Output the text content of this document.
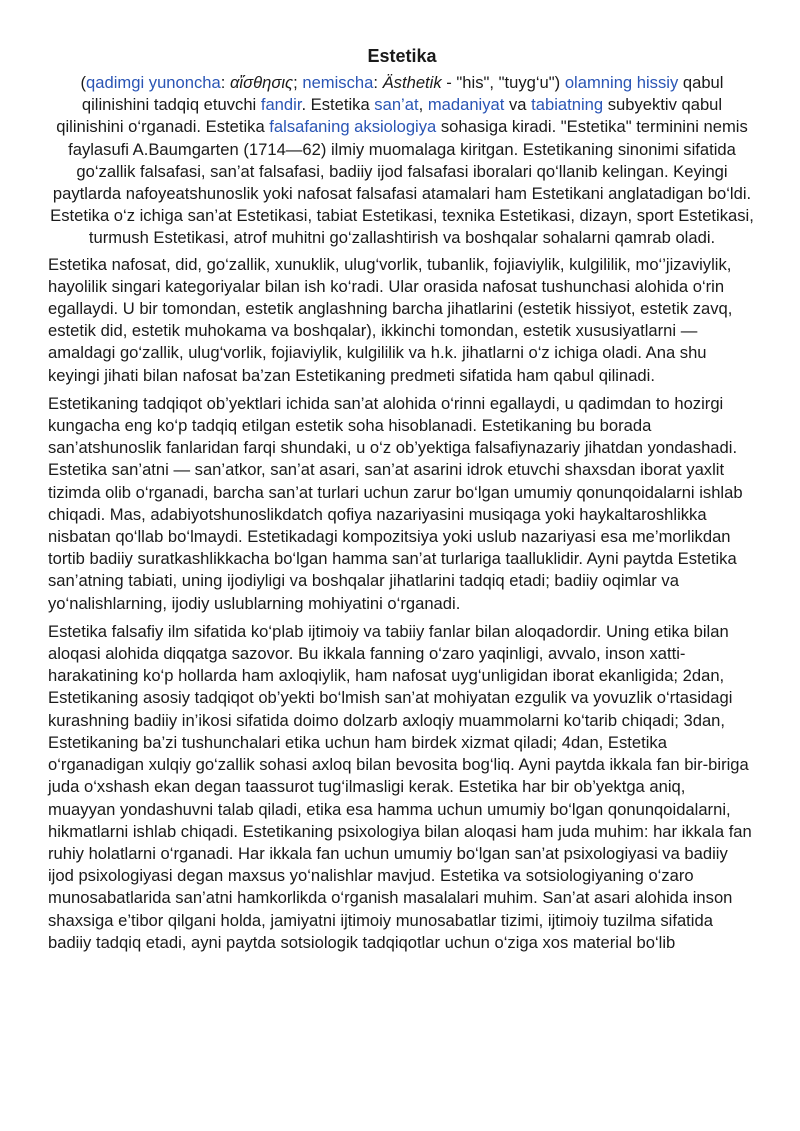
Estetika

(qadimgi yunoncha: αἴσθησις; nemischa: Ästhetik - "his", "tuyg‘u") olamning hissiy qabul qilinishini tadqiq etuvchi fandir. Estetika san’at, madaniyat va tabiatning subyektiv qabul qilinishini o‘rganadi. Estetika falsafaning aksiologiya sohasiga kiradi. "Estetika" terminini nemis faylasufi A.Baumgarten (1714—62) ilmiy muomalaga kiritgan. Estetikaning sinonimi sifatida go‘zallik falsafasi, san’at falsafasi, badiiy ijod falsafasi iboralari qo‘llanib kelingan. Keyingi paytlarda nafoyeatshunoslik yoki nafosat falsafasi atamalari ham Estetikani anglatadigan bo‘ldi. Estetika o‘z ichiga san’at Estetikasi, tabiat Estetikasi, texnika Estetikasi, dizayn, sport Estetikasi, turmush Estetikasi, atrof muhitni go‘zallashtirish va boshqalar sohalarni qamrab oladi.

Estetika nafosat, did, go‘zallik, xunuklik, ulug‘vorlik, tubanlik, fojiaviylik, kulgililik, mo‘’jizaviylik, hayolilik singari kategoriyalar bilan ish ko‘radi. Ular orasida nafosat tushunchasi alohida o‘rin egallaydi. U bir tomondan, estetik anglashning barcha jihatlarini (estetik hissiyot, estetik zavq, estetik did, estetik muhokama va boshqalar), ikkinchi tomondan, estetik xususiyatlarni — amaldagi go‘zallik, ulug‘vorlik, fojiaviylik, kulgililik va h.k. jihatlarni o‘z ichiga oladi. Ana shu keyingi jihati bilan nafosat ba’zan Estetikaning predmeti sifatida ham qabul qilinadi.

Estetikaning tadqiqot ob’yektlari ichida san’at alohida o‘rinni egallaydi, u qadimdan to hozirgi kungacha eng ko‘p tadqiq etilgan estetik soha hisoblanadi. Estetikaning bu borada san’atshunoslik fanlaridan farqi shundaki, u o‘z ob’yektiga falsafiynazariy jihatdan yondashadi. Estetika san’atni — san’atkor, san’at asari, san’at asarini idrok etuvchi shaxsdan iborat yaxlit tizimda olib o‘rganadi, barcha san’at turlari uchun zarur bo‘lgan umumiy qonunqoidalarni ishlab chiqadi. Mas, adabiyotshunoslikdatch qofiya nazariyasini musiqaga yoki haykaltaroshlikka nisbatan qo‘llab bo‘lmaydi. Estetikadagi kompozitsiya yoki uslub nazariyasi esa me’morlikdan tortib badiiy suratkashlikkacha bo‘lgan hamma san’at turlariga taalluklidir. Ayni paytda Estetika san’atning tabiati, uning ijodiyligi va boshqalar jihatlarini tadqiq etadi; badiiy oqimlar va yo‘nalishlarning, ijodiy uslublarning mohiyatini o‘rganadi.

Estetika falsafiy ilm sifatida ko‘plab ijtimoiy va tabiiy fanlar bilan aloqadordir. Uning etika bilan aloqasi alohida diqqatga sazovor. Bu ikkala fanning o‘zaro yaqinligi, avvalo, inson xatti-harakatining ko‘p hollarda ham axloqiylik, ham nafosat uyg‘unligidan iborat ekanligida; 2dan, Estetikaning asosiy tadqiqot ob’yekti bo‘lmish san’at mohiyatan ezgulik va yovuzlik o‘rtasidagi kurashning badiiy in’ikosi sifatida doimo dolzarb axloqiy muammolarni ko‘tarib chiqadi; 3dan, Estetikaning ba’zi tushunchalari etika uchun ham birdek xizmat qiladi; 4dan, Estetika o‘rganadigan xulqiy go‘zallik sohasi axloq bilan bevosita bog‘liq. Ayni paytda ikkala fan bir-biriga juda o‘xshash ekan degan taassurot tug‘ilmasligi kerak. Estetika har bir ob’yektga aniq, muayyan yondashuvni talab qiladi, etika esa hamma uchun umumiy bo‘lgan qonunqoidalarni, hikmatlarni ishlab chiqadi. Estetikaning psixologiya bilan aloqasi ham juda muhim: har ikkala fan ruhiy holatlarni o‘rganadi. Har ikkala fan uchun umumiy bo‘lgan san’at psixologiyasi va badiiy ijod psixologiyasi degan maxsus yo‘nalishlar mavjud. Estetika va sotsiologiyaning o‘zaro munosabatlarida san’atni hamkorlikda o‘rganish masalalari muhim. San’at asari alohida inson shaxsiga e’tibor qilgani holda, jamiyatni ijtimoiy munosabatlar tizimi, ijtimoiy tuzilma sifatida badiiy tadqiq etadi, ayni paytda sotsiologik tadqiqotlar uchun o‘ziga xos material bo‘lib
